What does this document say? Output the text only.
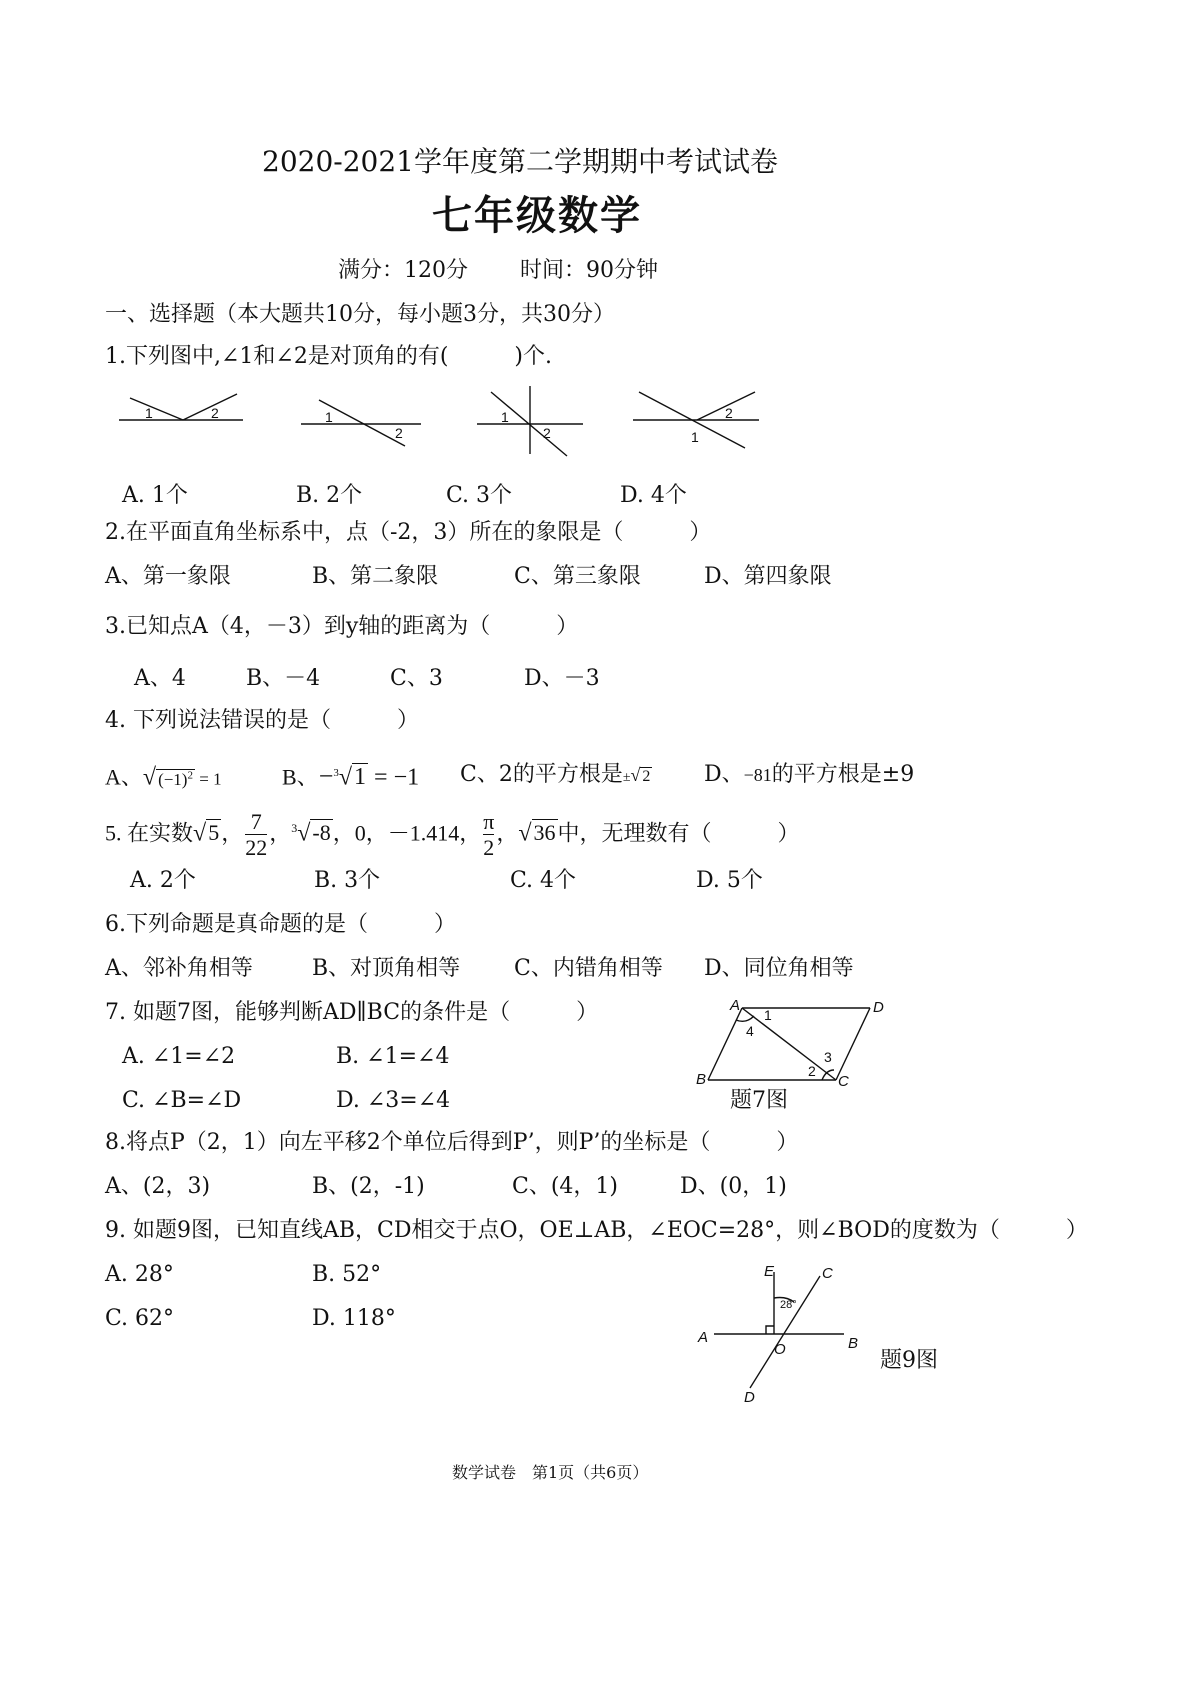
2020-2021学年度第二学期期中考试试卷
七年级数学
满分：120分 时间：90分钟
一、选择题（本大题共10分，每小题3分，共30分）
1.下列图中,∠1和∠2是对顶角的有(　　　)个.
1	2	1
2
1
2
2
1
A. 1个	B. 2个	C. 3个	D. 4个
2.在平面直角坐标系中，点（-2，3）所在的象限是（　　　）
A、第一象限	B、第二象限	C、第三象限	D、第四象限
3.已知点A（4，－3）到y轴的距离为（　　　）
A、4	B、－4	C、3	D、－3
4. 下列说法错误的是（　　　）
A、√ $(-1)^2 = 1$	B、−$^3$√1 = −1 C、2的平方根是±√ 2 D、−81的平方根是±9
5. 在实数√5， $\frac{7}{22}$ ，$^3$√-8，0，－1.414， $\frac{\pi}{2}$ ，√36中，无理数有（　　　）
A. 2个	B. 3个	C. 4个	D. 5个
6.下列命题是真命题的是（　　　）
A、邻补角相等	B、对顶角相等 C、内错角相等 D、同位角相等
7. 如题7图，能够判断AD∥BC的条件是（　　　）
A. ∠1=∠2	B. ∠1=∠4
C. ∠B=∠D	D. ∠3=∠4
A	D
B	C
1
4
3
2
题7图
8.将点P（2，1）向左平移2个单位后得到P’，则P’的坐标是（　　　）
A、(2，3)	B、(2，-1)	C、(4，1)	D、(0，1)
9. 如题9图，已知直线AB，CD相交于点O，OE⊥AB，∠EOC=28°，则∠BOD的度数为（　　　）
A. 28°	B. 52°
C. 62°	D. 118°
E	C
A	B
O
D
28°
题9图
数学试卷　第1页（共6页）
